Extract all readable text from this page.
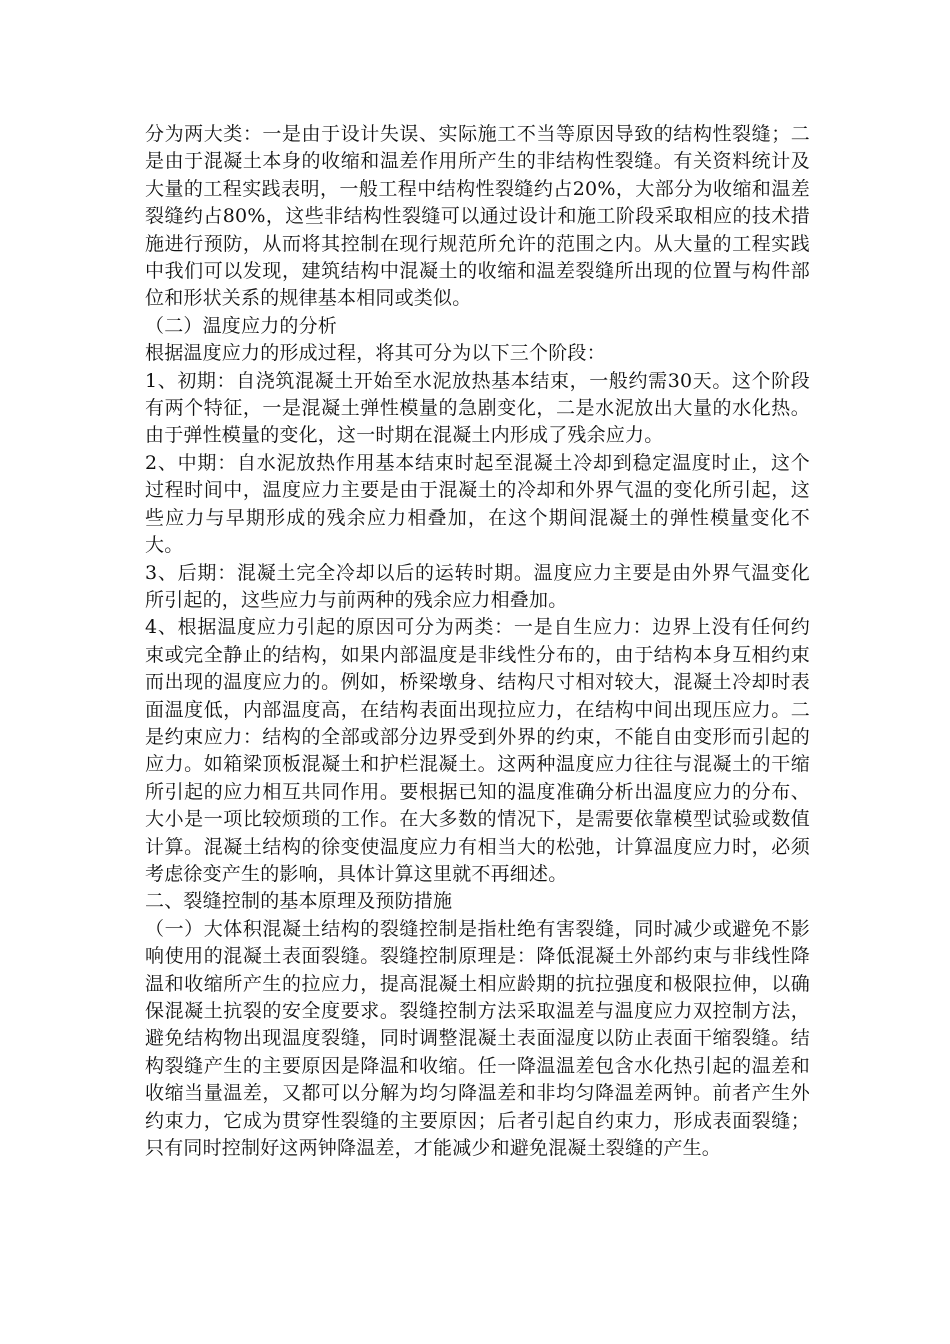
分为两大类：一是由于设计失误、实际施工不当等原因导致的结构性裂缝；二是由于混凝土本身的收缩和温差作用所产生的非结构性裂缝。有关资料统计及大量的工程实践表明，一般工程中结构性裂缝约占20%，大部分为收缩和温差裂缝约占80%，这些非结构性裂缝可以通过设计和施工阶段采取相应的技术措施进行预防，从而将其控制在现行规范所允许的范围之内。从大量的工程实践中我们可以发现，建筑结构中混凝土的收缩和温差裂缝所出现的位置与构件部位和形状关系的规律基本相同或类似。

（二）温度应力的分析

根据温度应力的形成过程，将其可分为以下三个阶段：

1、初期：自浇筑混凝土开始至水泥放热基本结束，一般约需30天。这个阶段有两个特征，一是混凝土弹性模量的急剧变化，二是水泥放出大量的水化热。由于弹性模量的变化，这一时期在混凝土内形成了残余应力。

2、中期：自水泥放热作用基本结束时起至混凝土冷却到稳定温度时止，这个过程时间中，温度应力主要是由于混凝土的冷却和外界气温的变化所引起，这些应力与早期形成的残余应力相叠加，在这个期间混凝土的弹性模量变化不大。

3、后期：混凝土完全冷却以后的运转时期。温度应力主要是由外界气温变化所引起的，这些应力与前两种的残余应力相叠加。

4、根据温度应力引起的原因可分为两类：一是自生应力：边界上没有任何约束或完全静止的结构，如果内部温度是非线性分布的，由于结构本身互相约束而出现的温度应力的。例如，桥梁墩身、结构尺寸相对较大，混凝土冷却时表面温度低，内部温度高，在结构表面出现拉应力，在结构中间出现压应力。二是约束应力：结构的全部或部分边界受到外界的约束，不能自由变形而引起的应力。如箱梁顶板混凝土和护栏混凝土。这两种温度应力往往与混凝土的干缩所引起的应力相互共同作用。要根据已知的温度准确分析出温度应力的分布、大小是一项比较烦琐的工作。在大多数的情况下，是需要依靠模型试验或数值计算。混凝土结构的徐变使温度应力有相当大的松弛，计算温度应力时，必须考虑徐变产生的影响，具体计算这里就不再细述。

二、裂缝控制的基本原理及预防措施

（一）大体积混凝土结构的裂缝控制是指杜绝有害裂缝，同时减少或避免不影响使用的混凝土表面裂缝。裂缝控制原理是：降低混凝土外部约束与非线性降温和收缩所产生的拉应力，提高混凝土相应龄期的抗拉强度和极限拉伸，以确保混凝土抗裂的安全度要求。裂缝控制方法采取温差与温度应力双控制方法，避免结构物出现温度裂缝，同时调整混凝土表面湿度以防止表面干缩裂缝。结构裂缝产生的主要原因是降温和收缩。任一降温温差包含水化热引起的温差和收缩当量温差，又都可以分解为均匀降温差和非均匀降温差两钟。前者产生外约束力，它成为贯穿性裂缝的主要原因；后者引起自约束力，形成表面裂缝；只有同时控制好这两钟降温差，才能减少和避免混凝土裂缝的产生。
